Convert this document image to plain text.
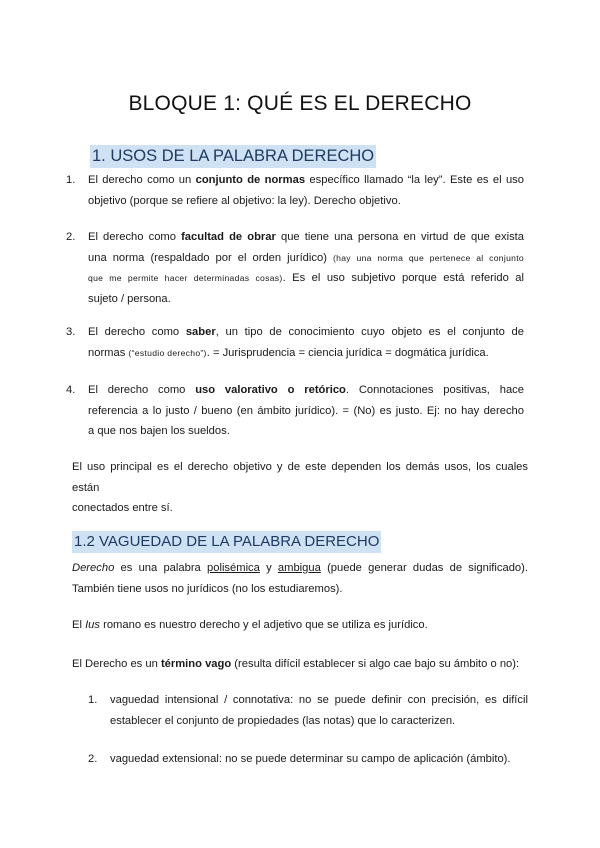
BLOQUE 1: QUÉ ES EL DERECHO
1. USOS DE LA PALABRA DERECHO
1. El derecho como un conjunto de normas específico llamado “la ley”. Este es el uso
objetivo (porque se refiere al objetivo: la ley). Derecho objetivo.
2. El derecho como facultad de obrar que tiene una persona en virtud de que exista
una norma (respaldado por el orden jurídico) (hay una norma que pertenece al conjunto
que me permite hacer determinadas cosas). Es el uso subjetivo porque está referido al
sujeto / persona.
3. El derecho como saber, un tipo de conocimiento cuyo objeto es el conjunto de
normas (“estudio derecho”). = Jurisprudencia = ciencia jurídica = dogmática jurídica.
4. El derecho como uso valorativo o retórico. Connotaciones positivas, hace
referencia a lo justo / bueno (en ámbito jurídico). = (No) es justo. Ej: no hay derecho
a que nos bajen los sueldos.
El uso principal es el derecho objetivo y de este dependen los demás usos, los cuales están
conectados entre sí.
1.2 VAGUEDAD DE LA PALABRA DERECHO
Derecho es una palabra polisémica y ambigua (puede generar dudas de significado).
También tiene usos no jurídicos (no los estudiaremos).
El Ius romano es nuestro derecho y el adjetivo que se utiliza es jurídico.
El Derecho es un término vago (resulta difícil establecer si algo cae bajo su ámbito o no):
1. vaguedad intensional / connotativa: no se puede definir con precisión, es difícil
establecer el conjunto de propiedades (las notas) que lo caracterizen.
2. vaguedad extensional: no se puede determinar su campo de aplicación (ámbito).
